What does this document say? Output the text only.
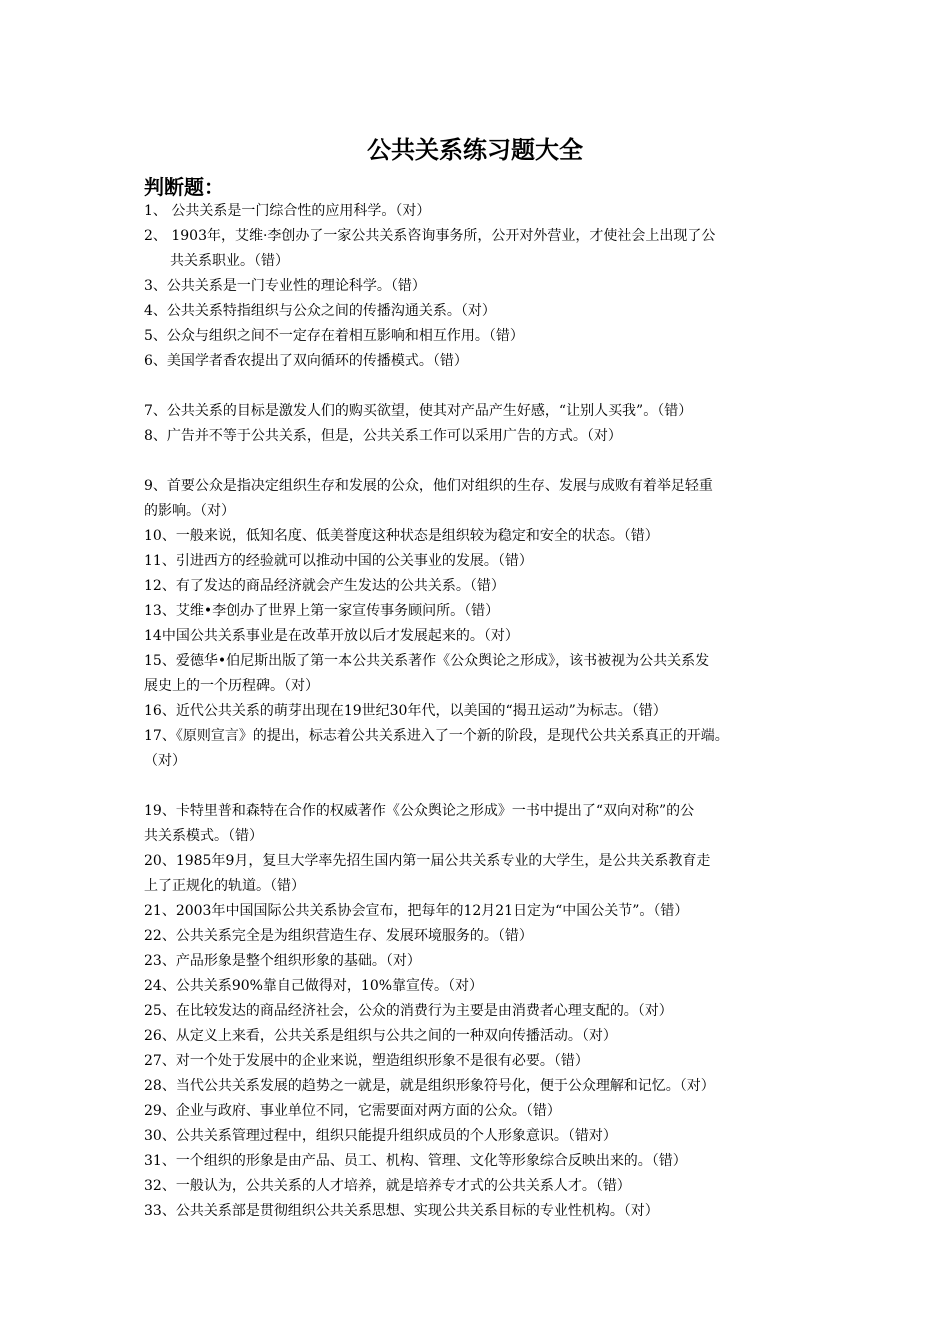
公共关系练习题大全
判断题：
1、 公共关系是一门综合性的应用科学。（对）
2、 1903年，艾维·李创办了一家公共关系咨询事务所，公开对外营业，才使社会上出现了公
共关系职业。（错）
3、公共关系是一门专业性的理论科学。（错）
4、公共关系特指组织与公众之间的传播沟通关系。（对）
5、公众与组织之间不一定存在着相互影响和相互作用。（错）
6、美国学者香农提出了双向循环的传播模式。（错）
7、公共关系的目标是激发人们的购买欲望，使其对产品产生好感，“让别人买我”。（错）
8、广告并不等于公共关系，但是，公共关系工作可以采用广告的方式。（对）
9、首要公众是指决定组织生存和发展的公众，他们对组织的生存、发展与成败有着举足轻重
的影响。（对）
10、一般来说，低知名度、低美誉度这种状态是组织较为稳定和安全的状态。（错）
11、引进西方的经验就可以推动中国的公关事业的发展。（错）
12、有了发达的商品经济就会产生发达的公共关系。（错）
13、艾维•李创办了世界上第一家宣传事务顾问所。（错）
14中国公共关系事业是在改革开放以后才发展起来的。（对）
15、爱德华•伯尼斯出版了第一本公共关系著作《公众舆论之形成》，该书被视为公共关系发
展史上的一个历程碑。（对）
16、近代公共关系的萌芽出现在19世纪30年代，以美国的“揭丑运动”为标志。（错）
17、《原则宣言》的提出，标志着公共关系进入了一个新的阶段，是现代公共关系真正的开端。
（对）
19、卡特里普和森特在合作的权威著作《公众舆论之形成》一书中提出了“双向对称”的公
共关系模式。（错）
20、1985年9月，复旦大学率先招生国内第一届公共关系专业的大学生，是公共关系教育走
上了正规化的轨道。（错）
21、2003年中国国际公共关系协会宣布，把每年的12月21日定为“中国公关节”。（错）
22、公共关系完全是为组织营造生存、发展环境服务的。（错）
23、产品形象是整个组织形象的基础。（对）
24、公共关系90%靠自己做得对，10%靠宣传。（对）
25、在比较发达的商品经济社会，公众的消费行为主要是由消费者心理支配的。（对）
26、从定义上来看，公共关系是组织与公共之间的一种双向传播活动。（对）
27、对一个处于发展中的企业来说，塑造组织形象不是很有必要。（错）
28、当代公共关系发展的趋势之一就是，就是组织形象符号化，便于公众理解和记忆。（对）
29、企业与政府、事业单位不同，它需要面对两方面的公众。（错）
30、公共关系管理过程中，组织只能提升组织成员的个人形象意识。（错对）
31、一个组织的形象是由产品、员工、机构、管理、文化等形象综合反映出来的。（错）
32、一般认为，公共关系的人才培养，就是培养专才式的公共关系人才。（错）
33、公共关系部是贯彻组织公共关系思想、实现公共关系目标的专业性机构。（对）
